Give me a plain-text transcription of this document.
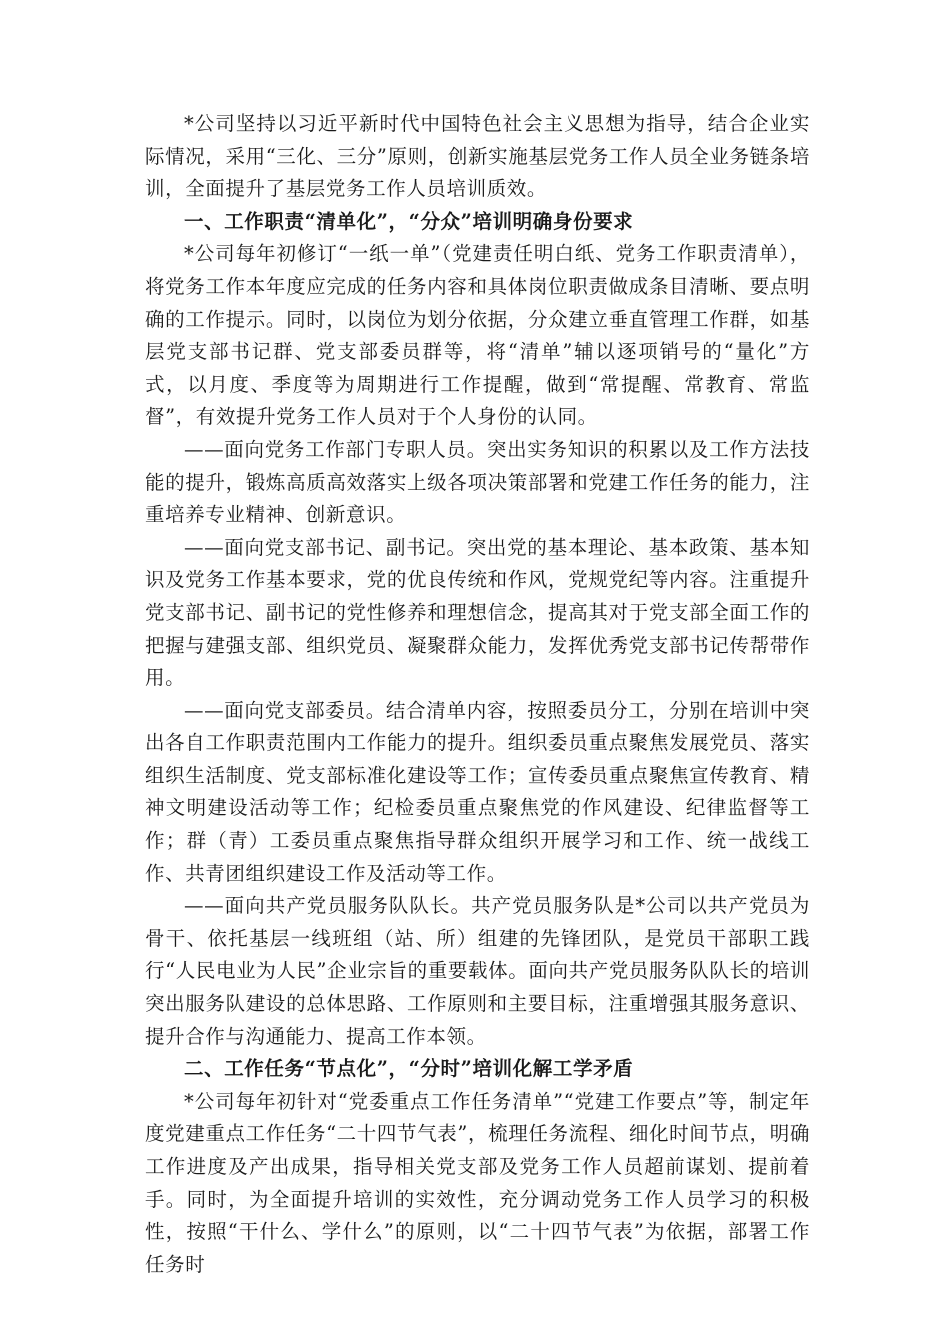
*公司坚持以习近平新时代中国特色社会主义思想为指导，结合企业实际情况，采用“三化、三分”原则，创新实施基层党务工作人员全业务链条培训，全面提升了基层党务工作人员培训质效。

一、工作职责“清单化”，“分众”培训明确身份要求

*公司每年初修订“一纸一单”（党建责任明白纸、党务工作职责清单），将党务工作本年度应完成的任务内容和具体岗位职责做成条目清晰、要点明确的工作提示。同时，以岗位为划分依据，分众建立垂直管理工作群，如基层党支部书记群、党支部委员群等，将“清单”辅以逐项销号的“量化”方式，以月度、季度等为周期进行工作提醒，做到“常提醒、常教育、常监督”，有效提升党务工作人员对于个人身份的认同。

——面向党务工作部门专职人员。突出实务知识的积累以及工作方法技能的提升，锻炼高质高效落实上级各项决策部署和党建工作任务的能力，注重培养专业精神、创新意识。

——面向党支部书记、副书记。突出党的基本理论、基本政策、基本知识及党务工作基本要求，党的优良传统和作风，党规党纪等内容。注重提升党支部书记、副书记的党性修养和理想信念，提高其对于党支部全面工作的把握与建强支部、组织党员、凝聚群众能力，发挥优秀党支部书记传帮带作用。

——面向党支部委员。结合清单内容，按照委员分工，分别在培训中突出各自工作职责范围内工作能力的提升。组织委员重点聚焦发展党员、落实组织生活制度、党支部标准化建设等工作；宣传委员重点聚焦宣传教育、精神文明建设活动等工作；纪检委员重点聚焦党的作风建设、纪律监督等工作；群（青）工委员重点聚焦指导群众组织开展学习和工作、统一战线工作、共青团组织建设工作及活动等工作。

——面向共产党员服务队队长。共产党员服务队是*公司以共产党员为骨干、依托基层一线班组（站、所）组建的先锋团队，是党员干部职工践行“人民电业为人民”企业宗旨的重要载体。面向共产党员服务队队长的培训突出服务队建设的总体思路、工作原则和主要目标，注重增强其服务意识、提升合作与沟通能力、提高工作本领。

二、工作任务“节点化”，“分时”培训化解工学矛盾

*公司每年初针对“党委重点工作任务清单”“党建工作要点”等，制定年度党建重点工作任务“二十四节气表”，梳理任务流程、细化时间节点，明确工作进度及产出成果，指导相关党支部及党务工作人员超前谋划、提前着手。同时，为全面提升培训的实效性，充分调动党务工作人员学习的积极性，按照“干什么、学什么”的原则，以“二十四节气表”为依据，部署工作任务时
